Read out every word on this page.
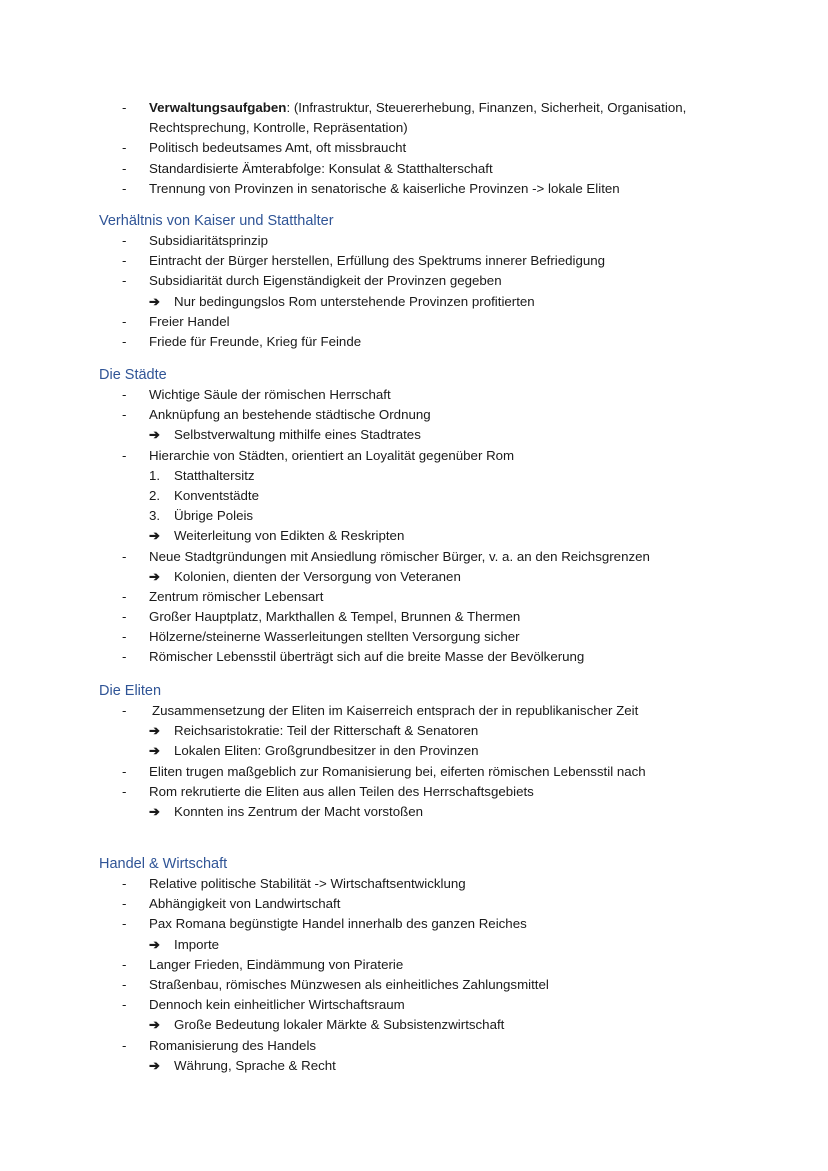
- Verwaltungsaufgaben: (Infrastruktur, Steuererhebung, Finanzen, Sicherheit, Organisation,
Rechtsprechung, Kontrolle, Repräsentation)
- Politisch bedeutsames Amt, oft missbraucht
- Standardisierte Ämterabfolge: Konsulat & Statthalterschaft
- Trennung von Provinzen in senatorische & kaiserliche Provinzen -> lokale Eliten
Verhältnis von Kaiser und Statthalter
- Subsidiaritätsprinzip
- Eintracht der Bürger herstellen, Erfüllung des Spektrums innerer Befriedigung
- Subsidiarität durch Eigenständigkeit der Provinzen gegeben
➔ Nur bedingungslos Rom unterstehende Provinzen profitierten
- Freier Handel
- Friede für Freunde, Krieg für Feinde
Die Städte
- Wichtige Säule der römischen Herrschaft
- Anknüpfung an bestehende städtische Ordnung
➔ Selbstverwaltung mithilfe eines Stadtrates
- Hierarchie von Städten, orientiert an Loyalität gegenüber Rom
1. Statthaltersitz
2. Konventstädte
3. Übrige Poleis
➔ Weiterleitung von Edikten & Reskripten
- Neue Stadtgründungen mit Ansiedlung römischer Bürger, v. a. an den Reichsgrenzen
➔ Kolonien, dienten der Versorgung von Veteranen
- Zentrum römischer Lebensart
- Großer Hauptplatz, Markthallen & Tempel, Brunnen & Thermen
- Hölzerne/steinerne Wasserleitungen stellten Versorgung sicher
- Römischer Lebensstil überträgt sich auf die breite Masse der Bevölkerung
Die Eliten
- Zusammensetzung der Eliten im Kaiserreich entsprach der in republikanischer Zeit
➔ Reichsaristokratie: Teil der Ritterschaft & Senatoren
➔ Lokalen Eliten: Großgrundbesitzer in den Provinzen
- Eliten trugen maßgeblich zur Romanisierung bei, eiferten römischen Lebensstil nach
- Rom rekrutierte die Eliten aus allen Teilen des Herrschaftsgebiets
➔ Konnten ins Zentrum der Macht vorstoßen
Handel & Wirtschaft
- Relative politische Stabilität -> Wirtschaftsentwicklung
- Abhängigkeit von Landwirtschaft
- Pax Romana begünstigte Handel innerhalb des ganzen Reiches
➔ Importe
- Langer Frieden, Eindämmung von Piraterie
- Straßenbau, römisches Münzwesen als einheitliches Zahlungsmittel
- Dennoch kein einheitlicher Wirtschaftsraum
➔ Große Bedeutung lokaler Märkte & Subsistenzwirtschaft
- Romanisierung des Handels
➔ Währung, Sprache & Recht
